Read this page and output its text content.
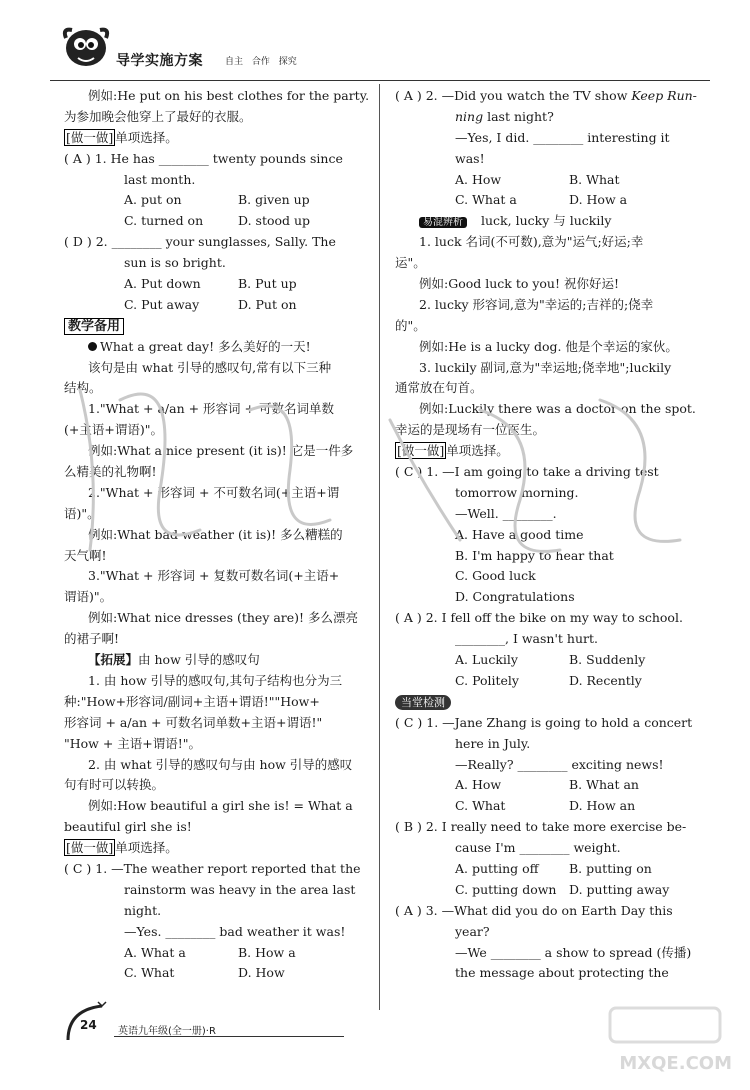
导学实施方案 自主 合作 探究
例如:He put on his best clothes for the party.
为参加晚会他穿上了最好的衣服。
[做一做] 单项选择。
( A ) 1. He has ________ twenty pounds since
last month.
A. put on	B. given up
C. turned on	D. stood up
( D ) 2. ________ your sunglasses, Sally. The
sun is so bright.
A. Put down	B. Put up
C. Put away	D. Put on
教学备用
What a great day! 多么美好的一天!
该句是由 what 引导的感叹句,常有以下三种
结构。
1."What + a/an + 形容词 + 可数名词单数
(+主语+谓语)"。
例如:What a nice present (it is)! 它是一件多
么精美的礼物啊!
2."What + 形容词 + 不可数名词(+主语+谓
语)"。
例如:What bad weather (it is)! 多么糟糕的
天气啊!
3."What + 形容词 + 复数可数名词(+主语+
谓语)"。
例如:What nice dresses (they are)! 多么漂亮
的裙子啊!
【拓展】由 how 引导的感叹句
1. 由 how 引导的感叹句,其句子结构也分为三
种:"How+形容词/副词+主语+谓语!""How+
形容词 + a/an + 可数名词单数+主语+谓语!"
"How + 主语+谓语!"。
2. 由 what 引导的感叹句与由 how 引导的感叹
句有时可以转换。
例如:How beautiful a girl she is! = What a
beautiful girl she is!
[做一做] 单项选择。
( C ) 1. —The weather report reported that the
rainstorm was heavy in the area last
night.
—Yes. ________ bad weather it was!
A. What a	B. How a
C. What	D. How
( A ) 2. —Did you watch the TV show Keep Run-
ning last night?
—Yes, I did. ________ interesting it
was!
A. How	B. What
C. What a	D. How a
易混辨析 luck, lucky 与 luckily
1. luck 名词(不可数),意为"运气;好运;幸
运"。
例如:Good luck to you! 祝你好运!
2. lucky 形容词,意为"幸运的;吉祥的;侥幸
的"。
例如:He is a lucky dog. 他是个幸运的家伙。
3. luckily 副词,意为"幸运地;侥幸地";luckily
通常放在句首。
例如:Luckily there was a doctor on the spot.
幸运的是现场有一位医生。
[做一做] 单项选择。
( C ) 1. —I am going to take a driving test
tomorrow morning.
—Well. ________.
A. Have a good time
B. I'm happy to hear that
C. Good luck
D. Congratulations
( A ) 2. I fell off the bike on my way to school.
________, I wasn't hurt.
A. Luckily	B. Suddenly
C. Politely	D. Recently
当堂检测
( C ) 1. —Jane Zhang is going to hold a concert
here in July.
—Really? ________ exciting news!
A. How	B. What an
C. What	D. How an
( B ) 2. I really need to take more exercise be-
cause I'm ________ weight.
A. putting off B. putting on
C. putting down D. putting away
( A ) 3. —What did you do on Earth Day this
year?
—We ________ a show to spread (传播)
the message about protecting the
24 英语九年级(全一册)·R
MXQE.COM
